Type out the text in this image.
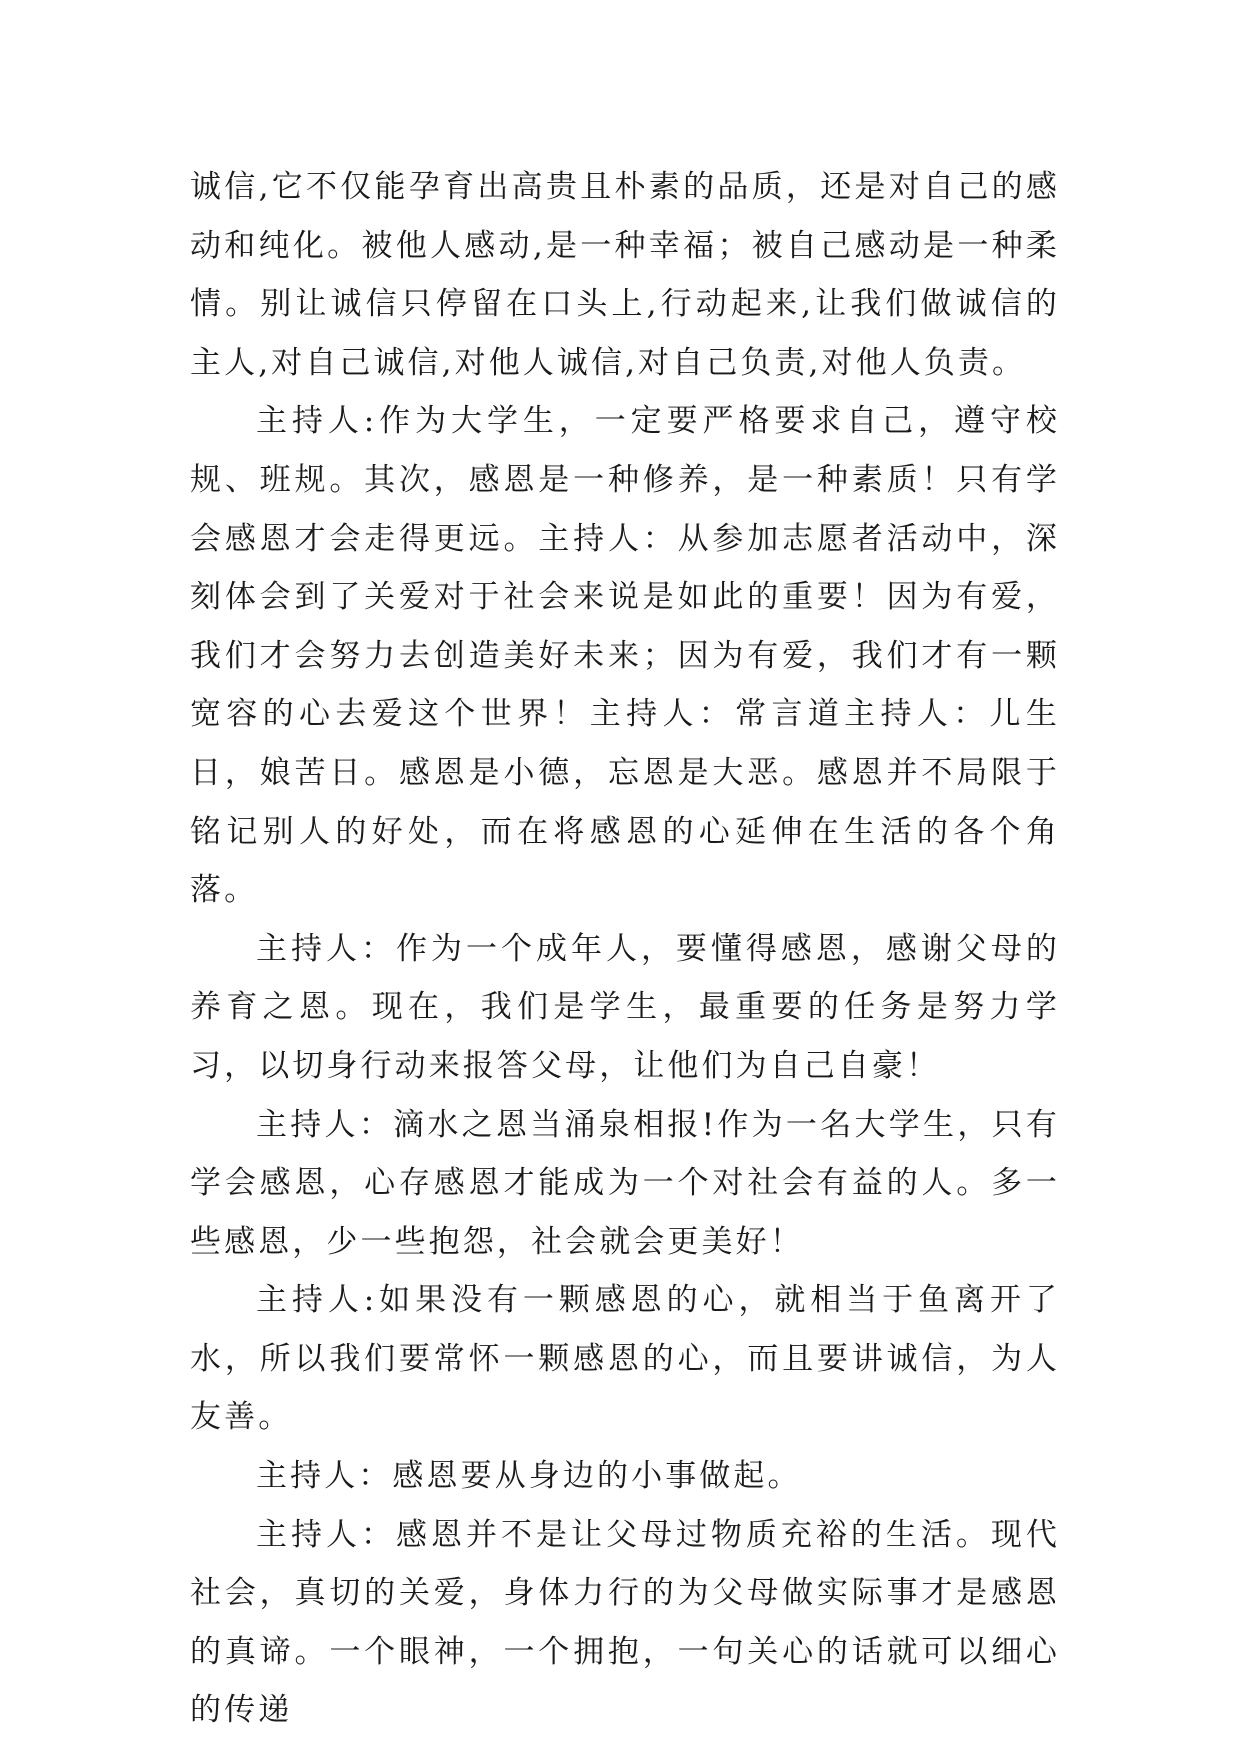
诚信,它不仅能孕育出高贵且朴素的品质，还是对自己的感动和纯化。被他人感动,是一种幸福；被自己感动是一种柔情。别让诚信只停留在口头上,行动起来,让我们做诚信的主人,对自己诚信,对他人诚信,对自己负责,对他人负责。

主持人:作为大学生，一定要严格要求自己，遵守校规、班规。其次，感恩是一种修养，是一种素质！只有学会感恩才会走得更远。主持人：从参加志愿者活动中，深刻体会到了关爱对于社会来说是如此的重要！因为有爱，我们才会努力去创造美好未来；因为有爱，我们才有一颗宽容的心去爱这个世界！主持人：常言道主持人：儿生日，娘苦日。感恩是小德，忘恩是大恶。感恩并不局限于铭记别人的好处，而在将感恩的心延伸在生活的各个角落。

主持人：作为一个成年人，要懂得感恩，感谢父母的养育之恩。现在，我们是学生，最重要的任务是努力学习，以切身行动来报答父母，让他们为自己自豪！

主持人：滴水之恩当涌泉相报!作为一名大学生，只有学会感恩，心存感恩才能成为一个对社会有益的人。多一些感恩，少一些抱怨，社会就会更美好！

主持人:如果没有一颗感恩的心，就相当于鱼离开了水，所以我们要常怀一颗感恩的心，而且要讲诚信，为人友善。

主持人：感恩要从身边的小事做起。

主持人：感恩并不是让父母过物质充裕的生活。现代社会，真切的关爱，身体力行的为父母做实际事才是感恩的真谛。一个眼神，一个拥抱，一句关心的话就可以细心的传递
